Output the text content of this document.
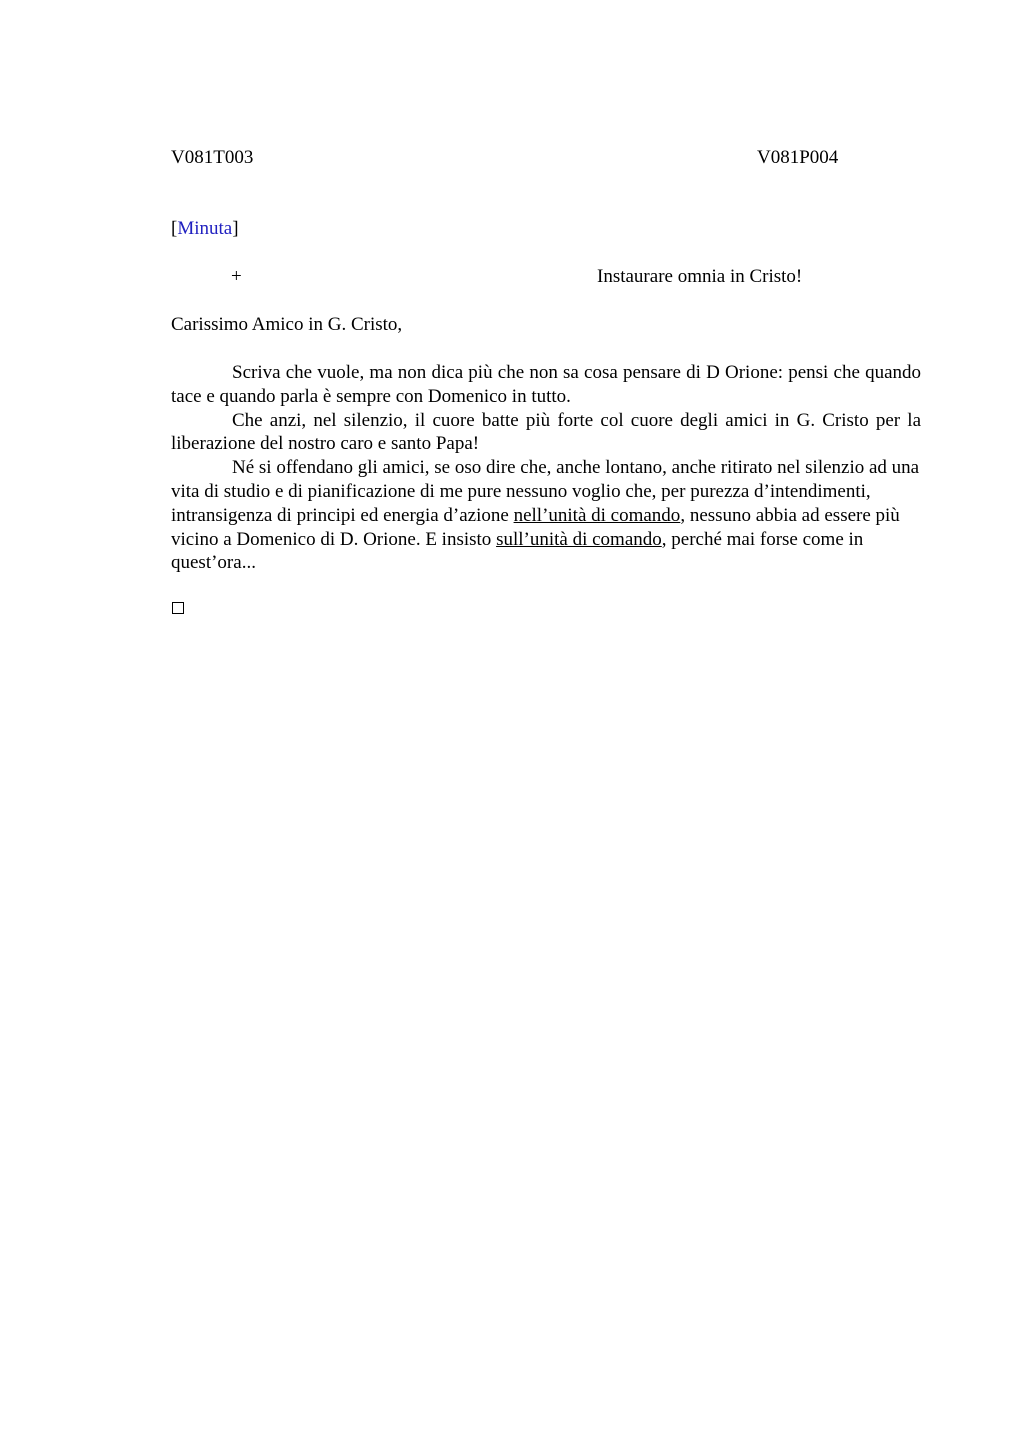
V081T003	V081P004
[Minuta]
+	Instaurare omnia in Cristo!
Carissimo Amico in G. Cristo,

Scriva che vuole, ma non dica più che non sa cosa pensare di D Orione: pensi che quando tace e quando parla è sempre con Domenico in tutto.

Che anzi, nel silenzio, il cuore batte più forte col cuore degli amici in G. Cristo per la liberazione del nostro caro e santo Papa!

Né si offendano gli amici, se oso dire che, anche lontano, anche ritirato nel silenzio ad una vita di studio e di pianificazione di me pure nessuno voglio che, per purezza d’intendimenti, intransigenza di principi ed energia d’azione nell’unità di comando, nessuno abbia ad essere più vicino a Domenico di D. Orione. E insisto sull’unità di comando, perché mai forse come in quest’ora...
